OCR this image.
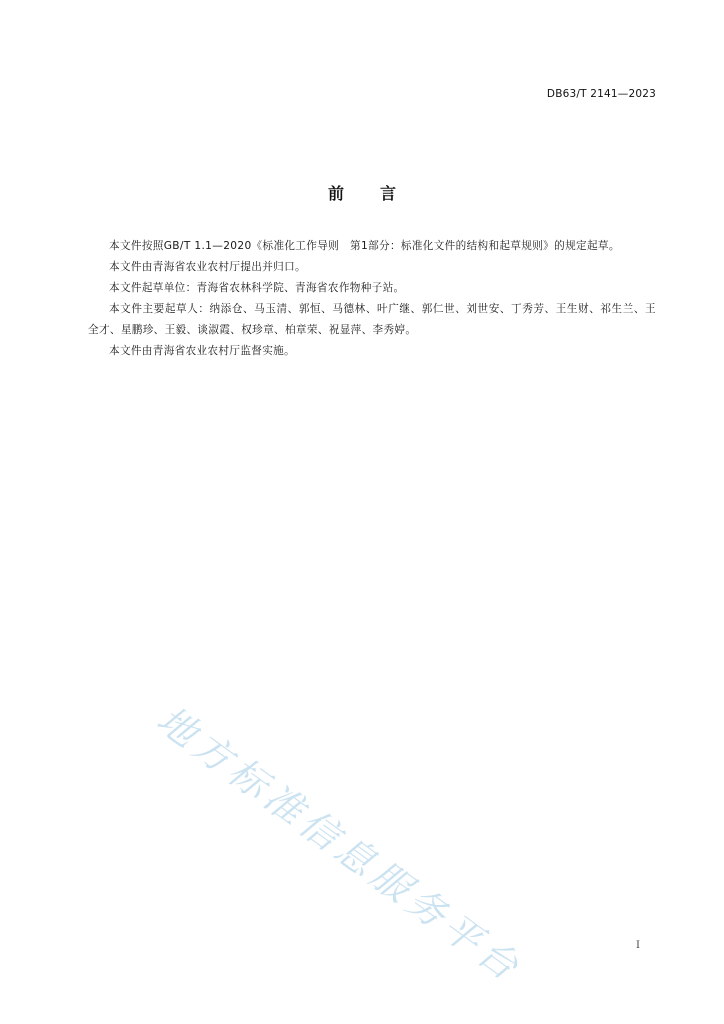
DB63/T 2141—2023
前 言

本文件按照GB/T 1.1—2020《标准化工作导则　第1部分：标准化文件的结构和起草规则》的规定起草。

本文件由青海省农业农村厅提出并归口。

本文件起草单位：青海省农林科学院、青海省农作物种子站。

本文件主要起草人：纳添仓、马玉清、郭恒、马德林、叶广继、郭仁世、刘世安、丁秀芳、王生财、祁生兰、王全才、星鹏珍、王毅、谈淑霞、权珍章、柏章荣、祝显萍、李秀婷。

本文件由青海省农业农村厅监督实施。

地方标准信息服务平台	I
